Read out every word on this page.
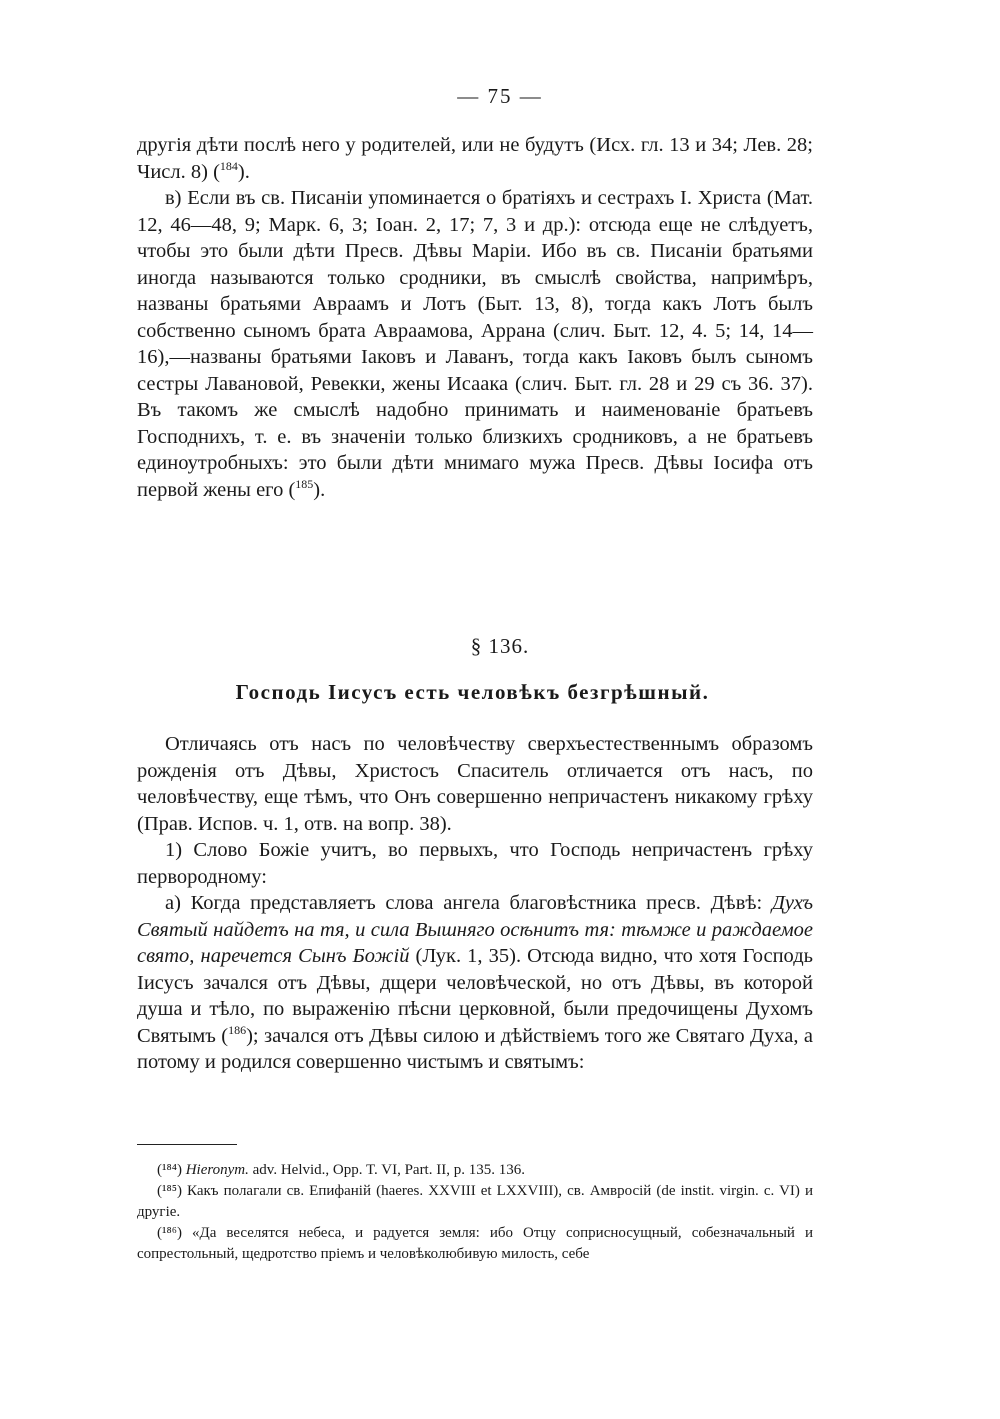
— 75 —

другія дѣти послѣ него у родителей, или не будутъ (Исх. гл. 13 и 34; Лев. 28; Числ. 8) ($^{184}$).

в) Если въ св. Писаніи упоминается о братіяхъ и сестрахъ І. Христа (Мат. 12, 46—48, 9; Марк. 6, 3; Іоан. 2, 17; 7, 3 и др.): отсюда еще не слѣдуетъ, чтобы это были дѣти Пресв. Дѣвы Маріи. Ибо въ св. Писаніи братьями иногда называются только сродники, въ смыслѣ свойства, напримѣръ, названы братьями Авраамъ и Лотъ (Быт. 13, 8), тогда какъ Лотъ былъ собственно сыномъ брата Авраамова, Аррана (слич. Быт. 12, 4. 5; 14, 14—16),—названы братьями Іаковъ и Лаванъ, тогда какъ Іаковъ былъ сыномъ сестры Лавановой, Ревекки, жены Исаака (слич. Быт. гл. 28 и 29 съ 36. 37). Въ такомъ же смыслѣ надобно принимать и наименованіе братьевъ Господнихъ, т. е. въ значеніи только близкихъ сродниковъ, а не братьевъ единоутробныхъ: это были дѣти мнимаго мужа Пресв. Дѣвы Іосифа отъ первой жены его ($^{185}$).

§ 136.
Господь Іисусъ есть человѣкъ безгрѣшный.

Отличаясь отъ насъ по человѣчеству сверхъестественнымъ образомъ рожденія отъ Дѣвы, Христосъ Спаситель отличается отъ насъ, по человѣчеству, еще тѣмъ, что Онъ совершенно непричастенъ никакому грѣху (Прав. Испов. ч. 1, отв. на вопр. 38).

1) Слово Божіе учитъ, во первыхъ, что Господь непричастенъ грѣху первородному:

а) Когда представляетъ слова ангела благовѣстника пресв. Дѣвѣ: Духъ Святый найдетъ на тя, и сила Вышняго осѣнитъ тя: тѣмже и раждаемое свято, наречется Сынъ Божій (Лук. 1, 35). Отсюда видно, что хотя Господь Іисусъ зачался отъ Дѣвы, дщери человѣческой, но отъ Дѣвы, въ которой душа и тѣло, по выраженію пѣсни церковной, были предочищены Духомъ Святымъ ($^{186}$); зачался отъ Дѣвы силою и дѣйствіемъ того же Святаго Духа, а потому и родился совершенно чистымъ и святымъ:

(¹⁸⁴) Hieronym. adv. Helvid., Opp. T. VI, Part. II, p. 135. 136.

(¹⁸⁵) Какъ полагали св. Епифаній (haeres. XXVIII et LXXVIII), св. Амвросій (de instit. virgin. c. VI) и другіе.

(¹⁸⁶) «Да веселятся небеса, и радуется земля: ибо Отцу соприсносущный, собезначальный и сопрестольный, щедротство пріемъ и человѣколюбивую милость, себе
